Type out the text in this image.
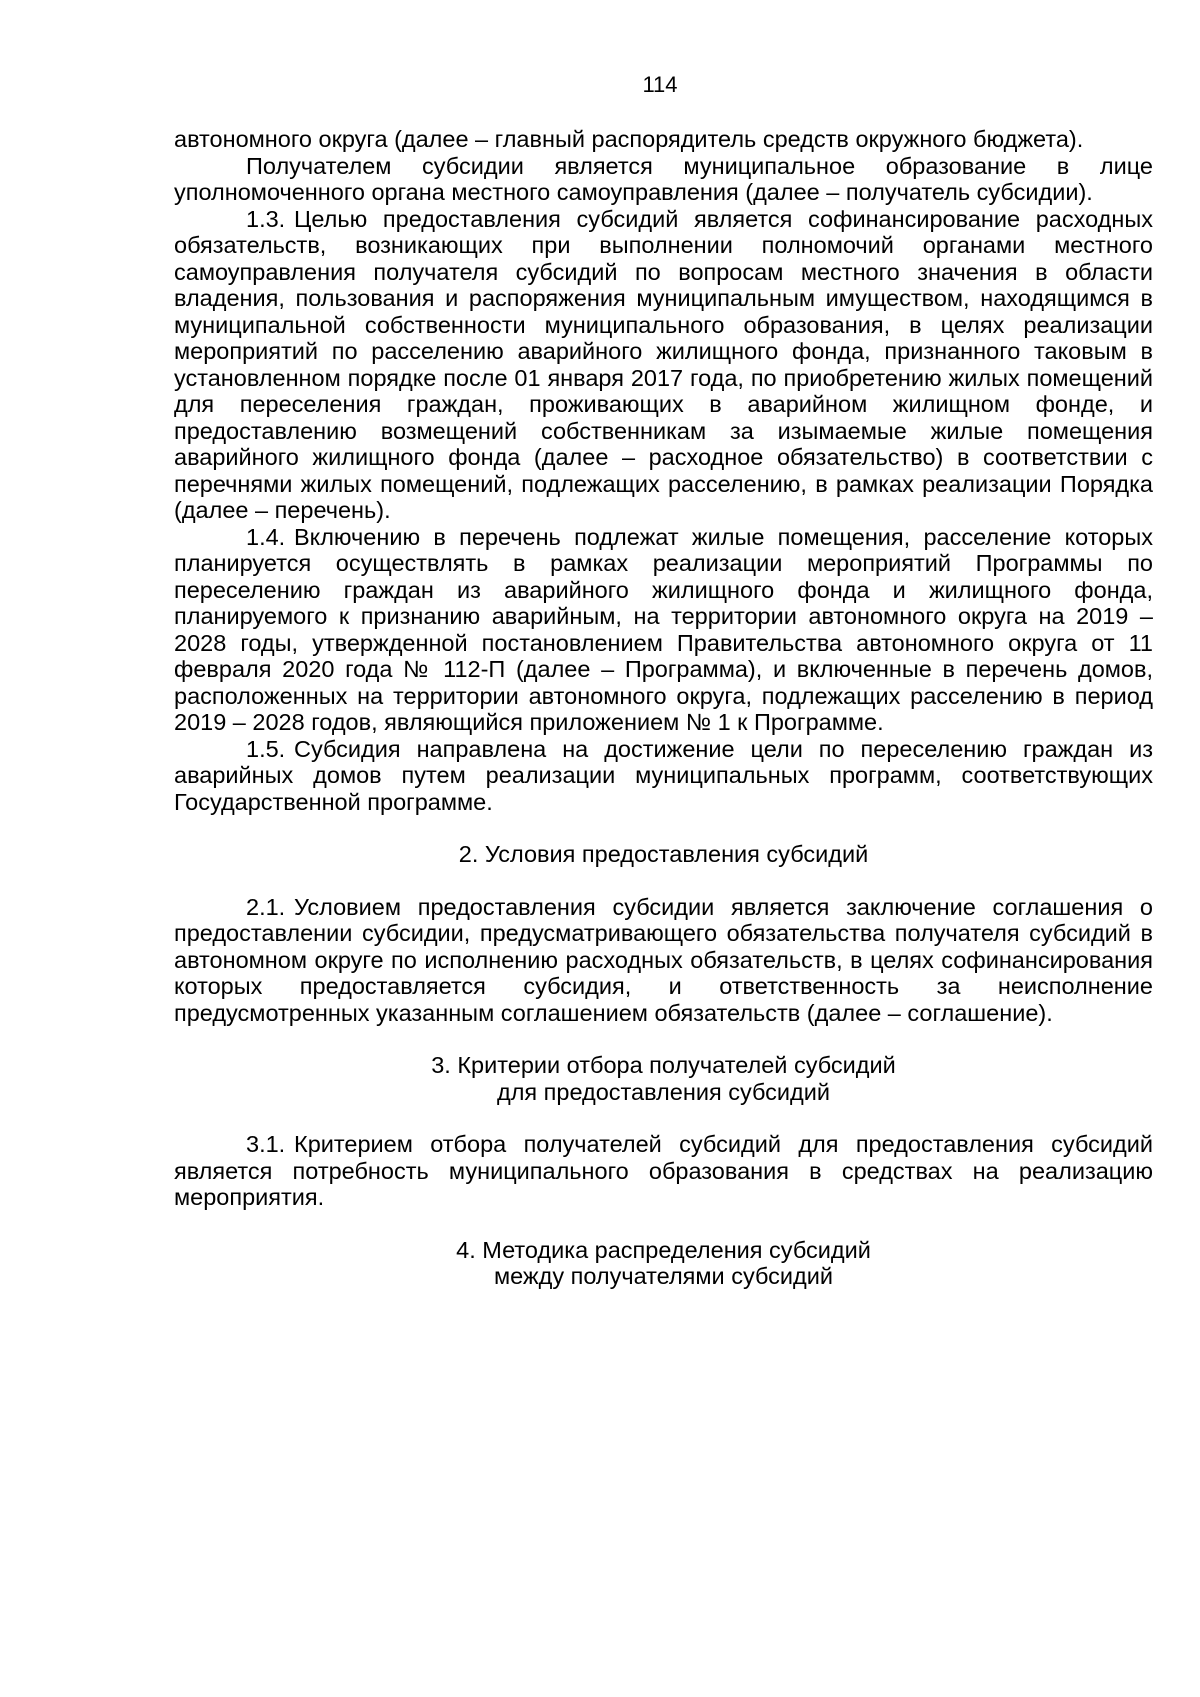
114

автономного округа (далее – главный распорядитель средств окружного бюджета).

Получателем субсидии является муниципальное образование в лице уполномоченного органа местного самоуправления (далее – получатель субсидии).

1.3. Целью предоставления субсидий является софинансирование расходных обязательств, возникающих при выполнении полномочий органами местного самоуправления получателя субсидий по вопросам местного значения в области владения, пользования и распоряжения муниципальным имуществом, находящимся в муниципальной собственности муниципального образования, в целях реализации мероприятий по расселению аварийного жилищного фонда, признанного таковым в установленном порядке после 01 января 2017 года, по приобретению жилых помещений для переселения граждан, проживающих в аварийном жилищном фонде, и предоставлению возмещений собственникам за изымаемые жилые помещения аварийного жилищного фонда (далее – расходное обязательство) в соответствии с перечнями жилых помещений, подлежащих расселению, в рамках реализации Порядка (далее – перечень).

1.4. Включению в перечень подлежат жилые помещения, расселение которых планируется осуществлять в рамках реализации мероприятий Программы по переселению граждан из аварийного жилищного фонда и жилищного фонда, планируемого к признанию аварийным, на территории автономного округа на 2019 – 2028 годы, утвержденной постановлением Правительства автономного округа от 11 февраля 2020 года № 112-П (далее – Программа), и включенные в перечень домов, расположенных на территории автономного округа, подлежащих расселению в период 2019 – 2028 годов, являющийся приложением № 1 к Программе.

1.5. Субсидия направлена на достижение цели по переселению граждан из аварийных домов путем реализации муниципальных программ, соответствующих Государственной программе.

2. Условия предоставления субсидий

2.1. Условием предоставления субсидии является заключение соглашения о предоставлении субсидии, предусматривающего обязательства получателя субсидий в автономном округе по исполнению расходных обязательств, в целях софинансирования которых предоставляется субсидия, и ответственность за неисполнение предусмотренных указанным соглашением обязательств (далее – соглашение).

3. Критерии отбора получателей субсидий

для предоставления субсидий

3.1. Критерием отбора получателей субсидий для предоставления субсидий является потребность муниципального образования в средствах на реализацию мероприятия.

4. Методика распределения субсидий

между получателями субсидий
